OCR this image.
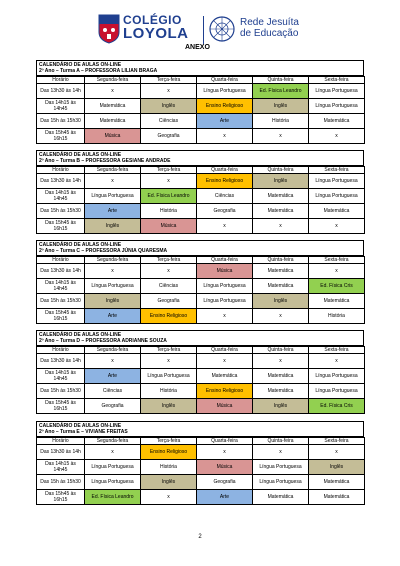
COLÉGIO
LOYOLA
Rede Jesuíta
de Educação
ANEXO
CALENDÁRIO DE AULAS ON-LINE
2º Ano – Turma A – PROFESSORA LILIAN BRAGA
Horário	Segunda-feira	Terça-feira	Quarta-feira	Quinta-feira	Sexta-feira
Das 13h30 às 14h	x	x	Língua Portuguesa	Ed. Física Leandro	Língua Portuguesa
Das 14h15 às 14h45	Matemática	Inglês	Ensino Religioso	Inglês	Língua Portuguesa
Das 15h às 15h30	Matemática	Ciências	Arte	História	Matemática
Das 15h45 às 16h15	Música	Geografia	x	x	x
CALENDÁRIO DE AULAS ON-LINE
2º Ano – Turma B – PROFESSORA GESIANE ANDRADE
Horário	Segunda-feira	Terça-feira	Quarta-feira	Quinta-feira	Sexta-feira
Das 13h30 às 14h	x	x	Ensino Religioso	Inglês	Língua Portuguesa
Das 14h15 às 14h45	Língua Portuguesa	Ed. Física Leandro	Ciências	Matemática	Língua Portuguesa
Das 15h às 15h30	Arte	História	Geografia	Matemática	Matemática
Das 15h45 às 16h15	Inglês	Música	x	x	x
CALENDÁRIO DE AULAS ON-LINE
2º Ano – Turma C – PROFESSORA JÚNIA QUARESMA
Horário	Segunda-feira	Terça-feira	Quarta-feira	Quinta-feira	Sexta-feira
Das 13h30 às 14h	x	x	Música	Matemática	x
Das 14h15 às 14h45	Língua Portuguesa	Ciências	Língua Portuguesa	Matemática	Ed. Física Cris
Das 15h às 15h30	Inglês	Geografia	Língua Portuguesa	Inglês	Matemática
Das 15h45 às 16h15	Arte	Ensino Religioso	x	x	História
CALENDÁRIO DE AULAS ON-LINE
2º Ano – Turma D – PROFESSORA ADRIANNE SOUZA
Horário	Segunda-feira	Terça-feira	Quarta-feira	Quinta-feira	Sexta-feira
Das 13h30 às 14h	x	x	x	x	x
Das 14h15 às 14h45	Arte	Língua Portuguesa	Matemática	Matemática	Língua Portuguesa
Das 15h às 15h30	Ciências	História	Ensino Religioso	Matemática	Língua Portuguesa
Das 15h45 às 16h15	Geografia	Inglês	Música	Inglês	Ed. Física Cris
CALENDÁRIO DE AULAS ON-LINE
2º Ano – Turma E – VIVIANE FREITAS
Horário	Segunda-feira	Terça-feira	Quarta-feira	Quinta-feira	Sexta-feira
Das 13h30 às 14h	x	Ensino Religioso	x	x	x
Das 14h15 às 14h45	Língua Portuguesa	História	Música	Língua Portuguesa	Inglês
Das 15h às 15h30	Língua Portuguesa	Inglês	Geografia	Língua Portuguesa	Matemática
Das 15h45 às 16h15	Ed. Física Leandro	x	Arte	Matemática	Matemática
2
